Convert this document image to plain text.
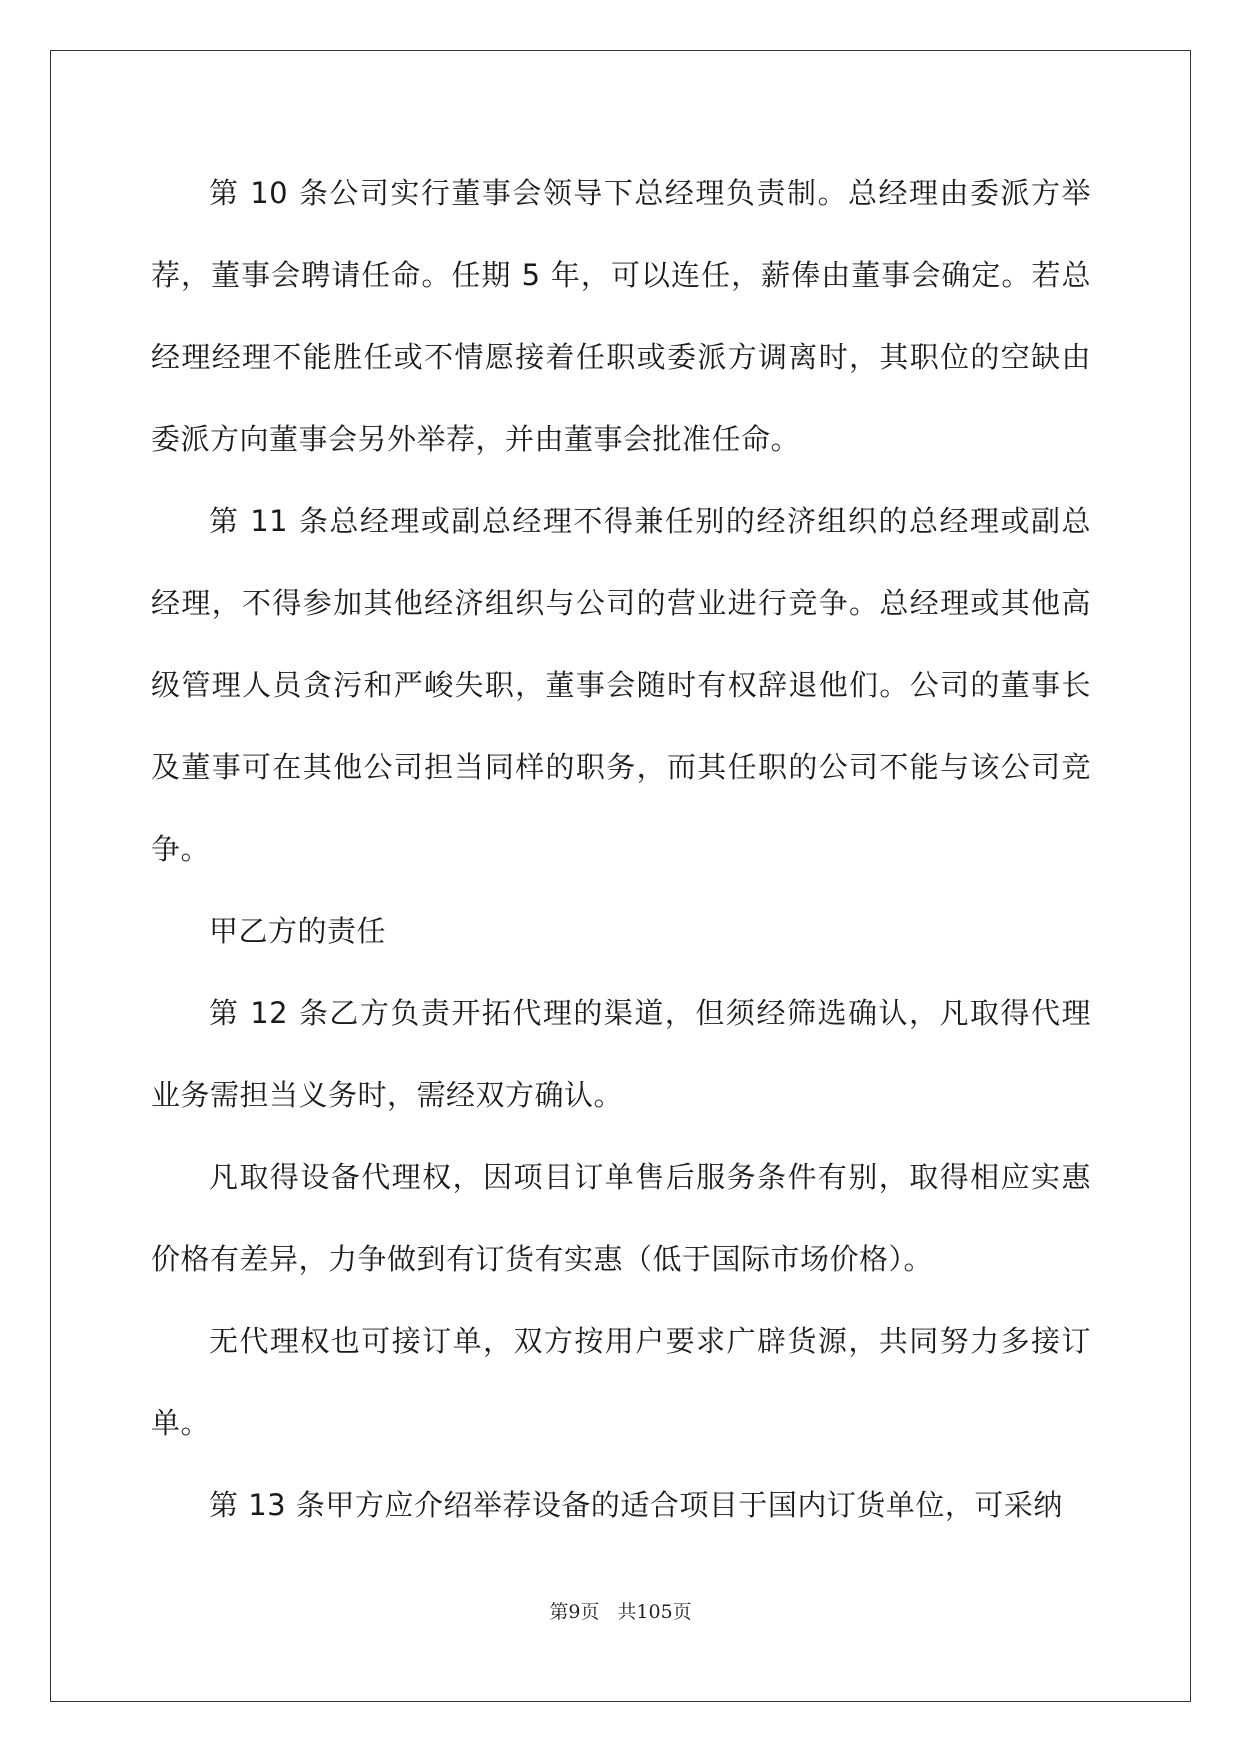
第 10 条公司实行董事会领导下总经理负责制。总经理由委派方举荐，董事会聘请任命。任期 5 年，可以连任，薪俸由董事会确定。若总经理经理不能胜任或不情愿接着任职或委派方调离时，其职位的空缺由委派方向董事会另外举荐，并由董事会批准任命。

第 11 条总经理或副总经理不得兼任别的经济组织的总经理或副总经理，不得参加其他经济组织与公司的营业进行竞争。总经理或其他高级管理人员贪污和严峻失职，董事会随时有权辞退他们。公司的董事长及董事可在其他公司担当同样的职务，而其任职的公司不能与该公司竞争。

甲乙方的责任

第 12 条乙方负责开拓代理的渠道，但须经筛选确认，凡取得代理业务需担当义务时，需经双方确认。

凡取得设备代理权，因项目订单售后服务条件有别，取得相应实惠价格有差异，力争做到有订货有实惠（低于国际市场价格）。

无代理权也可接订单，双方按用户要求广辟货源，共同努力多接订单。

第 13 条甲方应介绍举荐设备的适合项目于国内订货单位，可采纳

第9页 共105页
